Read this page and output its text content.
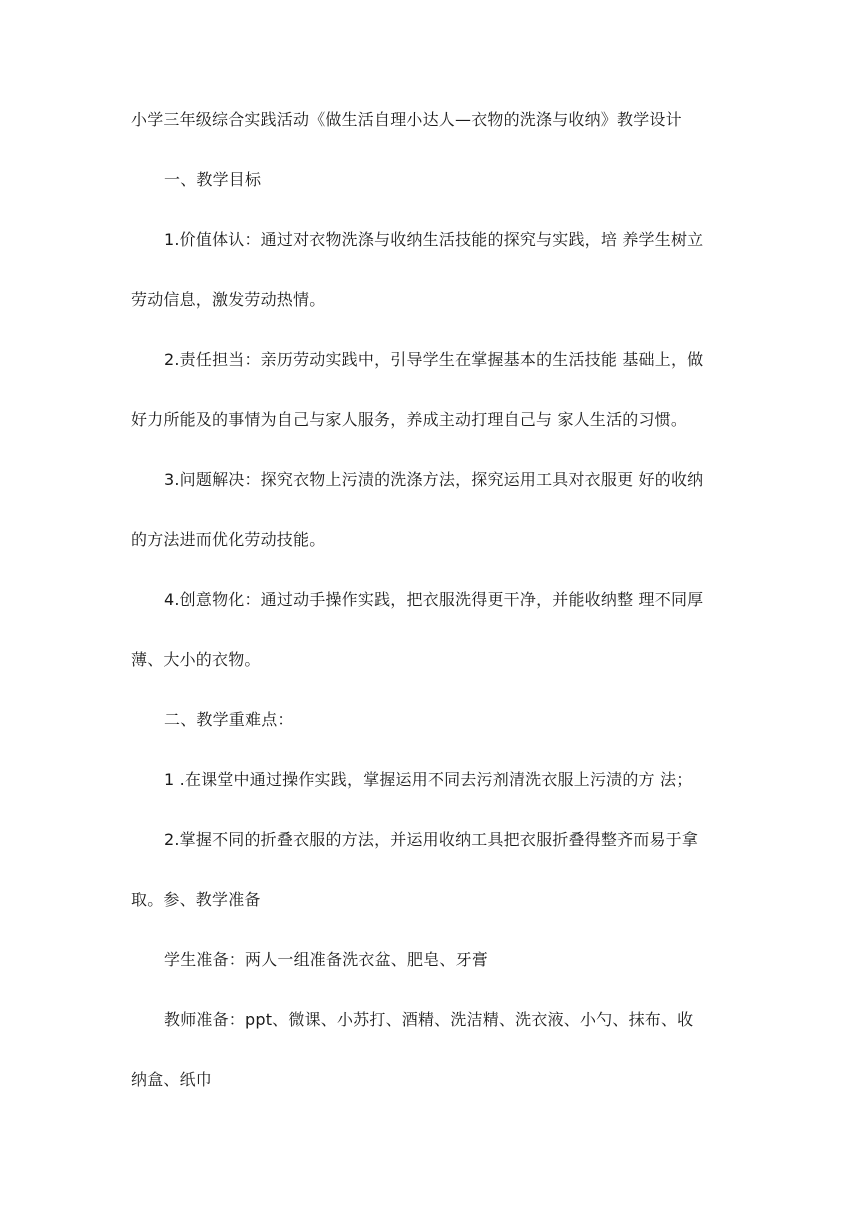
小学三年级综合实践活动《做生活自理小达人—衣物的洗涤与收纳》教学设计
一、教学目标
1.价值体认：通过对衣物洗涤与收纳生活技能的探究与实践，培 养学生树立
劳动信息，激发劳动热情。
2.责任担当：亲历劳动实践中，引导学生在掌握基本的生活技能 基础上，做
好力所能及的事情为自己与家人服务，养成主动打理自己与 家人生活的习惯。
3.问题解决：探究衣物上污渍的洗涤方法，探究运用工具对衣服更 好的收纳
的方法进而优化劳动技能。
4.创意物化：通过动手操作实践，把衣服洗得更干净，并能收纳整 理不同厚
薄、大小的衣物。
二、教学重难点：
1 .在课堂中通过操作实践，掌握运用不同去污剂清洗衣服上污渍的方 法；
2.掌握不同的折叠衣服的方法，并运用收纳工具把衣服折叠得整齐而易于拿
取。参、教学准备
学生准备：两人一组准备洗衣盆、肥皂、牙膏
教师准备：ppt、微课、小苏打、酒精、洗洁精、洗衣液、小勺、抹布、收
纳盒、纸巾
